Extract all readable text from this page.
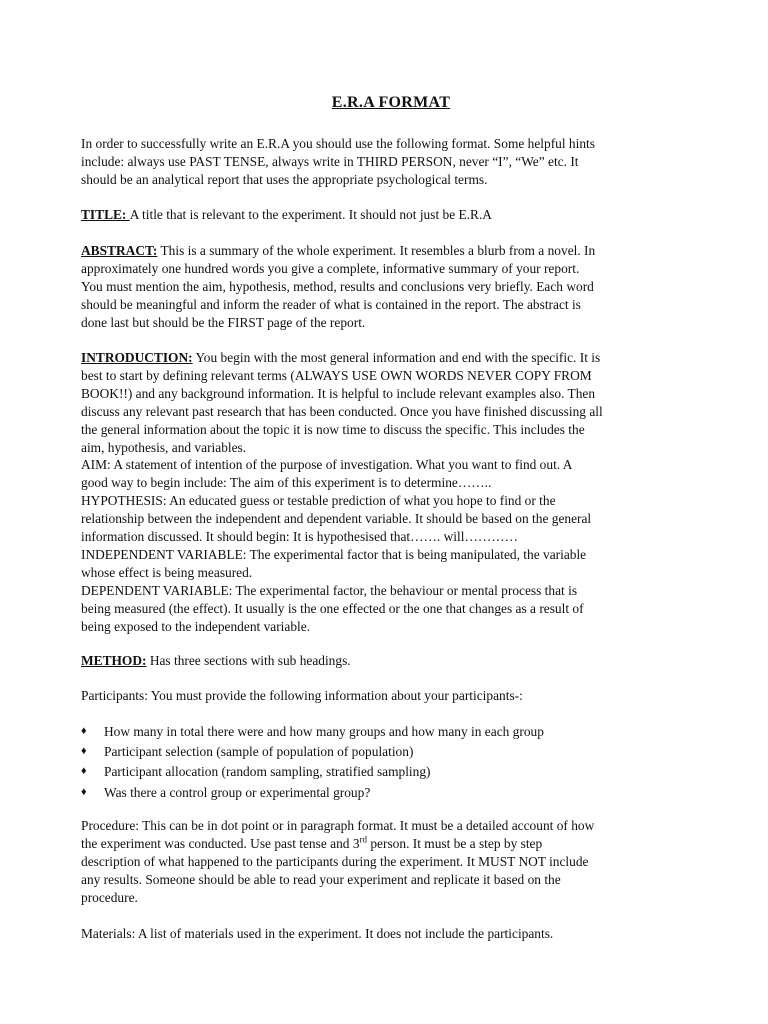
E.R.A FORMAT

In order to successfully write an E.R.A you should use the following format. Some helpful hints
include: always use PAST TENSE, always write in THIRD PERSON, never “I”, “We” etc. It
should be an analytical report that uses the appropriate psychological terms.

TITLE: A title that is relevant to the experiment. It should not just be E.R.A

ABSTRACT: This is a summary of the whole experiment. It resembles a blurb from a novel. In
approximately one hundred words you give a complete, informative summary of your report.
You must mention the aim, hypothesis, method, results and conclusions very briefly. Each word
should be meaningful and inform the reader of what is contained in the report. The abstract is
done last but should be the FIRST page of the report.

INTRODUCTION: You begin with the most general information and end with the specific. It is
best to start by defining relevant terms (ALWAYS USE OWN WORDS NEVER COPY FROM
BOOK!!) and any background information. It is helpful to include relevant examples also. Then
discuss any relevant past research that has been conducted. Once you have finished discussing all
the general information about the topic it is now time to discuss the specific. This includes the
aim, hypothesis, and variables.
AIM: A statement of intention of the purpose of investigation. What you want to find out. A
good way to begin include: The aim of this experiment is to determine……..
HYPOTHESIS: An educated guess or testable prediction of what you hope to find or the
relationship between the independent and dependent variable. It should be based on the general
information discussed. It should begin: It is hypothesised that……. will…………
INDEPENDENT VARIABLE: The experimental factor that is being manipulated, the variable
whose effect is being measured.
DEPENDENT VARIABLE: The experimental factor, the behaviour or mental process that is
being measured (the effect). It usually is the one effected or the one that changes as a result of
being exposed to the independent variable.

METHOD: Has three sections with sub headings.

Participants: You must provide the following information about your participants-:

♦	How many in total there were and how many groups and how many in each group
♦	Participant selection (sample of population of population)
♦	Participant allocation (random sampling, stratified sampling)
♦	Was there a control group or experimental group?

Procedure: This can be in dot point or in paragraph format. It must be a detailed account of how
the experiment was conducted. Use past tense and 3rd person. It must be a step by step
description of what happened to the participants during the experiment. It MUST NOT include
any results. Someone should be able to read your experiment and replicate it based on the
procedure.

Materials: A list of materials used in the experiment. It does not include the participants.
